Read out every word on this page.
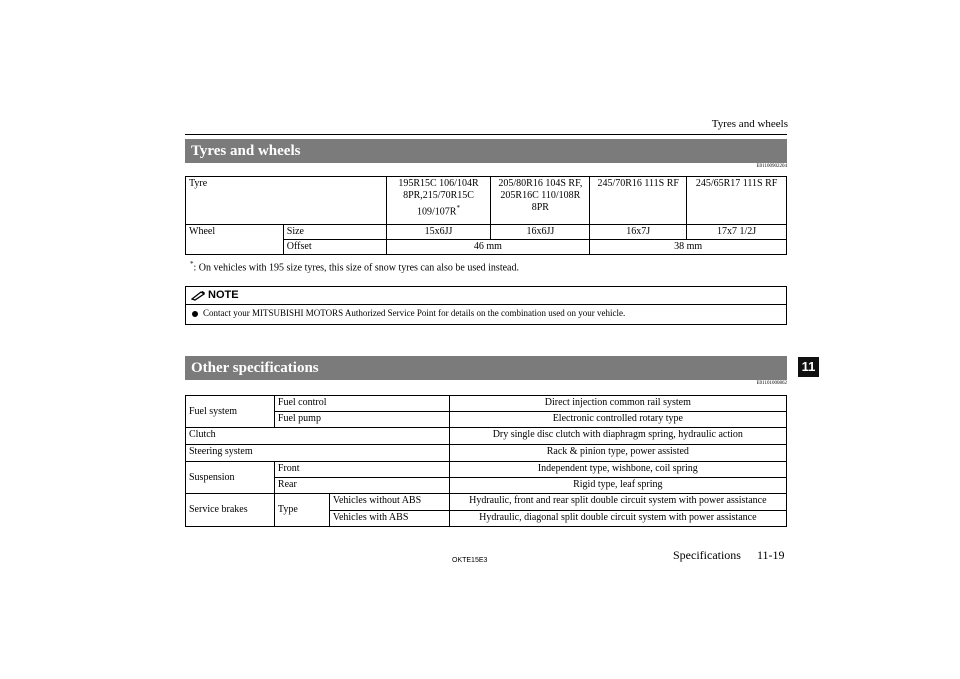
Tyres and wheels
Tyres and wheels
E01100902204
Tyre		195R15C 106/104R 8PR,215/70R15C 109/107R*	205/80R16 104S RF, 205R16C 110/108R 8PR	245/70R16 111S RF	245/65R17 111S RF
Wheel	Size	15x6JJ	16x6JJ	16x7J	17x7 1/2J
	Offset	46 mm		38 mm	
*: On vehicles with 195 size tyres, this size of snow tyres can also be used instead.
NOTE
Contact your MITSUBISHI MOTORS Authorized Service Point for details on the combination used on your vehicle.
Other specifications
E01101000862
Fuel system	Fuel control		Direct injection common rail system
	Fuel pump		Electronic controlled rotary type
Clutch			Dry single disc clutch with diaphragm spring, hydraulic action
Steering system			Rack & pinion type, power assisted
Suspension	Front		Independent type, wishbone, coil spring
	Rear		Rigid type, leaf spring
Service brakes	Type	Vehicles without ABS	Hydraulic, front and rear split double circuit system with power assistance
		Vehicles with ABS	Hydraulic, diagonal split double circuit system with power assistance
11
OKTE15E3	Specifications 11-19
